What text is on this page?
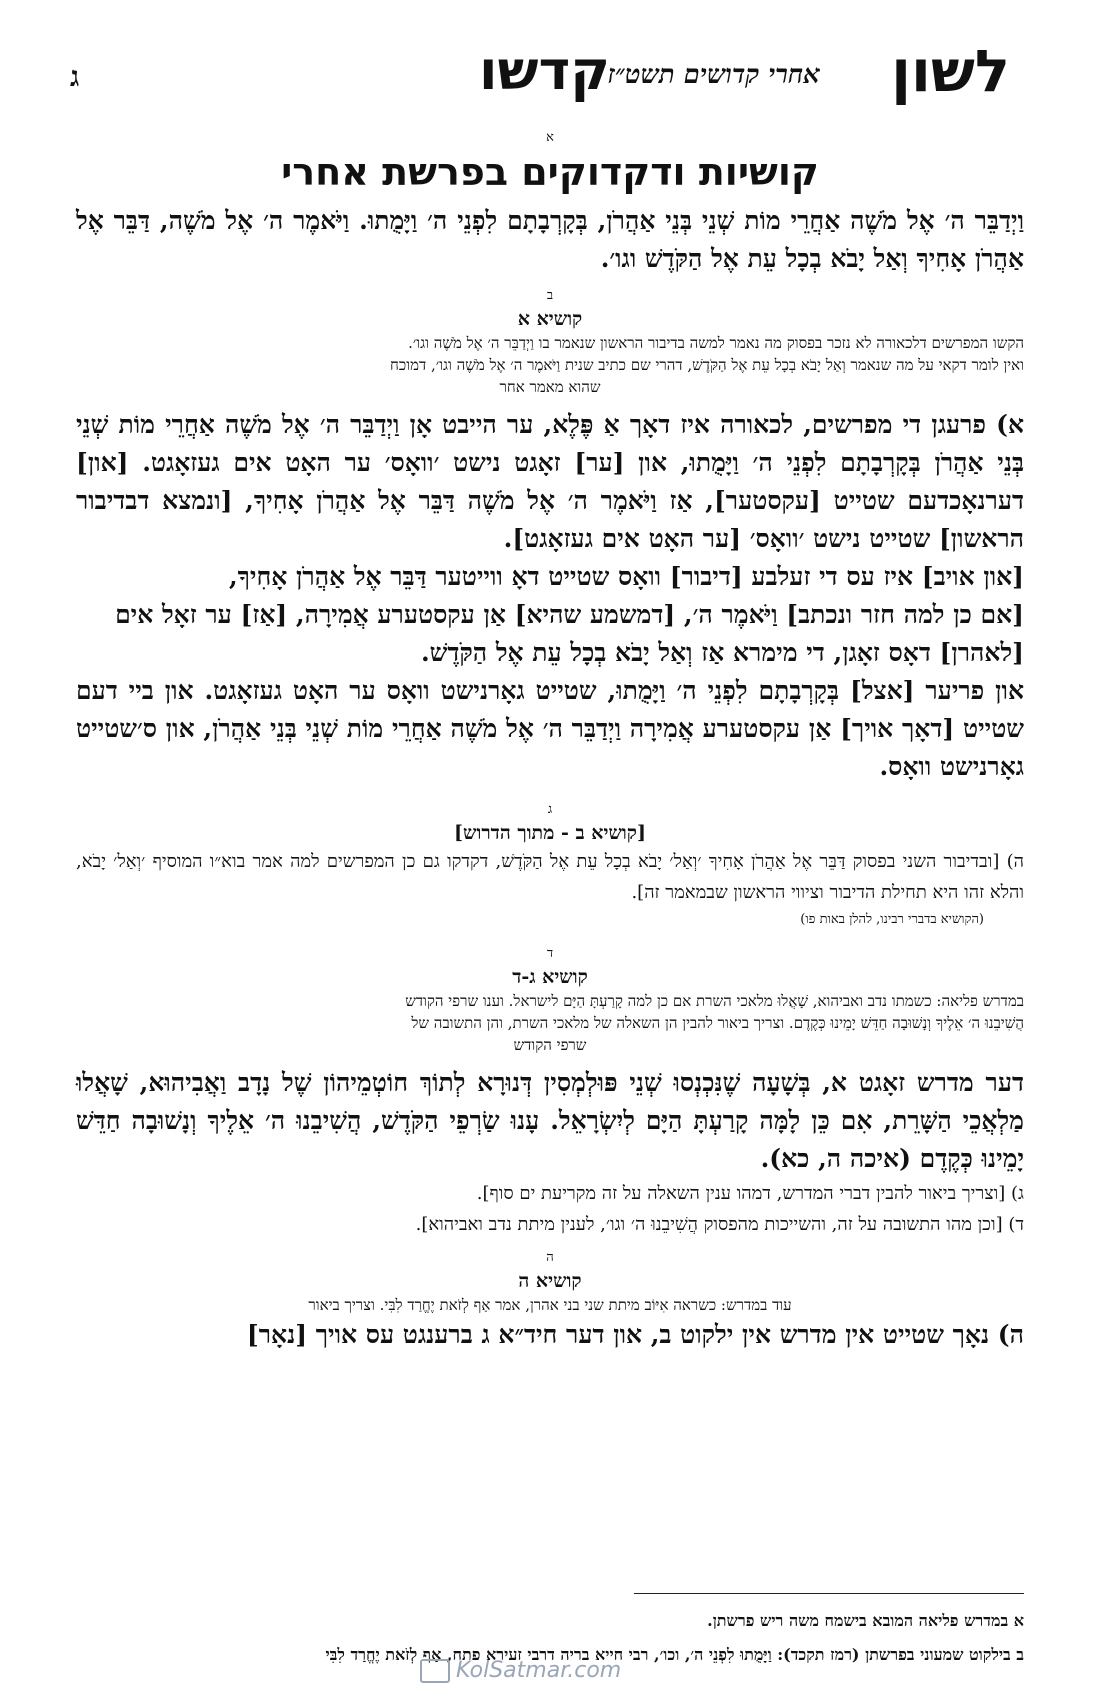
לשון
אחרי קדושים תשט״ז
קדשו
ג
א
קושיות ודקדוקים בפרשת אחרי

וַיְדַבֵּר ה׳ אֶל מֹשֶׁה אַחֲרֵי מוֹת שְׁנֵי בְּנֵי אַהֲרֹן, בְּקָרְבָתָם לִפְנֵי ה׳ וַיָּמֻתוּ. וַיֹּאמֶר ה׳ אֶל מֹשֶׁה, דַּבֵּר אֶל אַהֲרֹן אָחִיךָ וְאַל יָבֹא בְכָל עֵת אֶל הַקֹּדֶשׁ וגו׳.

ב

קושיא א

הקשו המפרשים דלכאורה לא נזכר בפסוק מה נאמר למשה בדיבור הראשון שנאמר בו וַיְדַבֵּר ה׳ אֶל מֹשֶׁה וגו׳.

ואין לומר דקאי על מה שנאמר וְאַל יָבֹא בְכָל עֵת אֶל הַקֹּדֶשׁ, דהרי שם כתיב שנית וַיֹּאמֶר ה׳ אֶל מֹשֶׁה וגו׳, דמוכח

שהוא מאמר אחר

א) פרעגן די מפרשים, לכאורה איז דאָך אַ פֶּלֶא, ער הייבט אָן וַיְדַבֵּר ה׳ אֶל מֹשֶׁה אַחֲרֵי מוֹת שְׁנֵי בְּנֵי אַהֲרֹן בְּקָרְבָתָם לִפְנֵי ה׳ וַיָּמֻתוּ, און [ער] זאָגט נישט ׳וואָס׳ ער האָט אים געזאָגט. [און] דערנאָכדעם שטייט [עקסטער], אַז וַיֹּאמֶר ה׳ אֶל מֹשֶׁה דַּבֵּר אֶל אַהֲרֹן אָחִיךָ, [ונמצא דבדיבור הראשון] שטייט נישט ׳וואָס׳ [ער האָט אים געזאָגט].

[און אויב] איז עס די זעלבע [דיבור] וואָס שטייט דאָ ווייטער דַּבֵּר אֶל אַהֲרֹן אָחִיךָ,

[אם כן למה חזר ונכתב] וַיֹּאמֶר ה׳, [דמשמע שהיא] אַן עקסטערע אֲמִירָה, [אַז] ער זאָל אים

[לאהרן] דאָס זאָגן, די מימרא אַז וְאַל יָבֹא בְכָל עֵת אֶל הַקֹּדֶשׁ.

און פריער [אצל] בְּקָרְבָתָם לִפְנֵי ה׳ וַיָּמֻתוּ, שטייט גאָרנישט וואָס ער האָט געזאָגט. און ביי דעם שטייט [דאָך אויך] אַן עקסטערע אֲמִירָה וַיְדַבֵּר ה׳ אֶל מֹשֶׁה אַחֲרֵי מוֹת שְׁנֵי בְּנֵי אַהֲרֹן, און ס׳שטייט גאָרנישט וואָס.

ג

[קושיא ב - מתוך הדרוש]

ה) [ובדיבור השני בפסוק דַּבֵּר אֶל אַהֲרֹן אָחִיךָ ׳וְאַל׳ יָבֹא בְכָל עֵת אֶל הַקֹּדֶשׁ, דקדקו גם כן המפרשים למה אמר בוא״ו המוסיף ׳וְאַל׳ יָבֹא, והלא זהו היא תחילת הדיבור וציווי הראשון שבמאמר זה].

(הקושיא בדברי רבינו, להלן באות פו)

ד

קושיא ג-ד

במדרש פליאה: כשמתו נדב ואביהוא, שָׁאֲלוּ מלאכי השרת אם כן למה קָרַעְתָּ הַיָּם לישראל. וענו שרפי הקודש

הֲשִׁיבֵנוּ ה׳ אֵלֶיךָ וְנָשׁוּבָה חַדֵּשׁ יָמֵינוּ כְּקֶדֶם. וצריך ביאור להבין הן השאלה של מלאכי השרת, והן התשובה של

שרפי הקודש

דער מדרש זאָגט א, בְּשָׁעָה שֶׁנִּכְנְסוּ שְׁנֵי פּוּלְמְסִין דְּנוּרָא לְתוֹךְ חוֹטְמֵיהוֹן שֶׁל נָדָב וַאֲבִיהוּא, שָׁאֲלוּ מַלְאֲכֵי הַשָּׁרֵת, אִם כֵּן לָמָּה קָרַעְתָּ הַיָּם לְיִשְׂרָאֵל. עָנוּ שַׂרְפֵי הַקֹּדֶשׁ, הֲשִׁיבֵנוּ ה׳ אֵלֶיךָ וְנָשׁוּבָה חַדֵּשׁ יָמֵינוּ כְּקֶדֶם (איכה ה, כא).

ג) [וצריך ביאור להבין דברי המדרש, דמהו ענין השאלה על זה מקריעת ים סוף].

ד) [וכן מהו התשובה על זה, והשייכות מהפסוק הֲשִׁיבֵנוּ ה׳ וגו׳, לענין מיתת נדב ואביהוא].

ה

קושיא ה

עוד במדרש: כשראה אִיּוֹב מיתת שני בני אהרן, אמר אַף לְזֹאת יֶחֱרַד לִבִּי. וצריך ביאור

ה) נאָך שטייט אין מדרש אין ילקוט ב, און דער חיד״א ג ברענגט עס אויך [נאָר]

א במדרש פליאה המובא בישמח משה ריש פרשתן.

ב בילקוט שמעוני בפרשתן (רמז תקכד): וַיָּמֻתוּ לִפְנֵי ה׳, וכו׳, רבי חייא בריה דרבי זעירא פתח, אַף לְזֹאת יֶחֱרַד לִבִּי

KolSatmar.com
